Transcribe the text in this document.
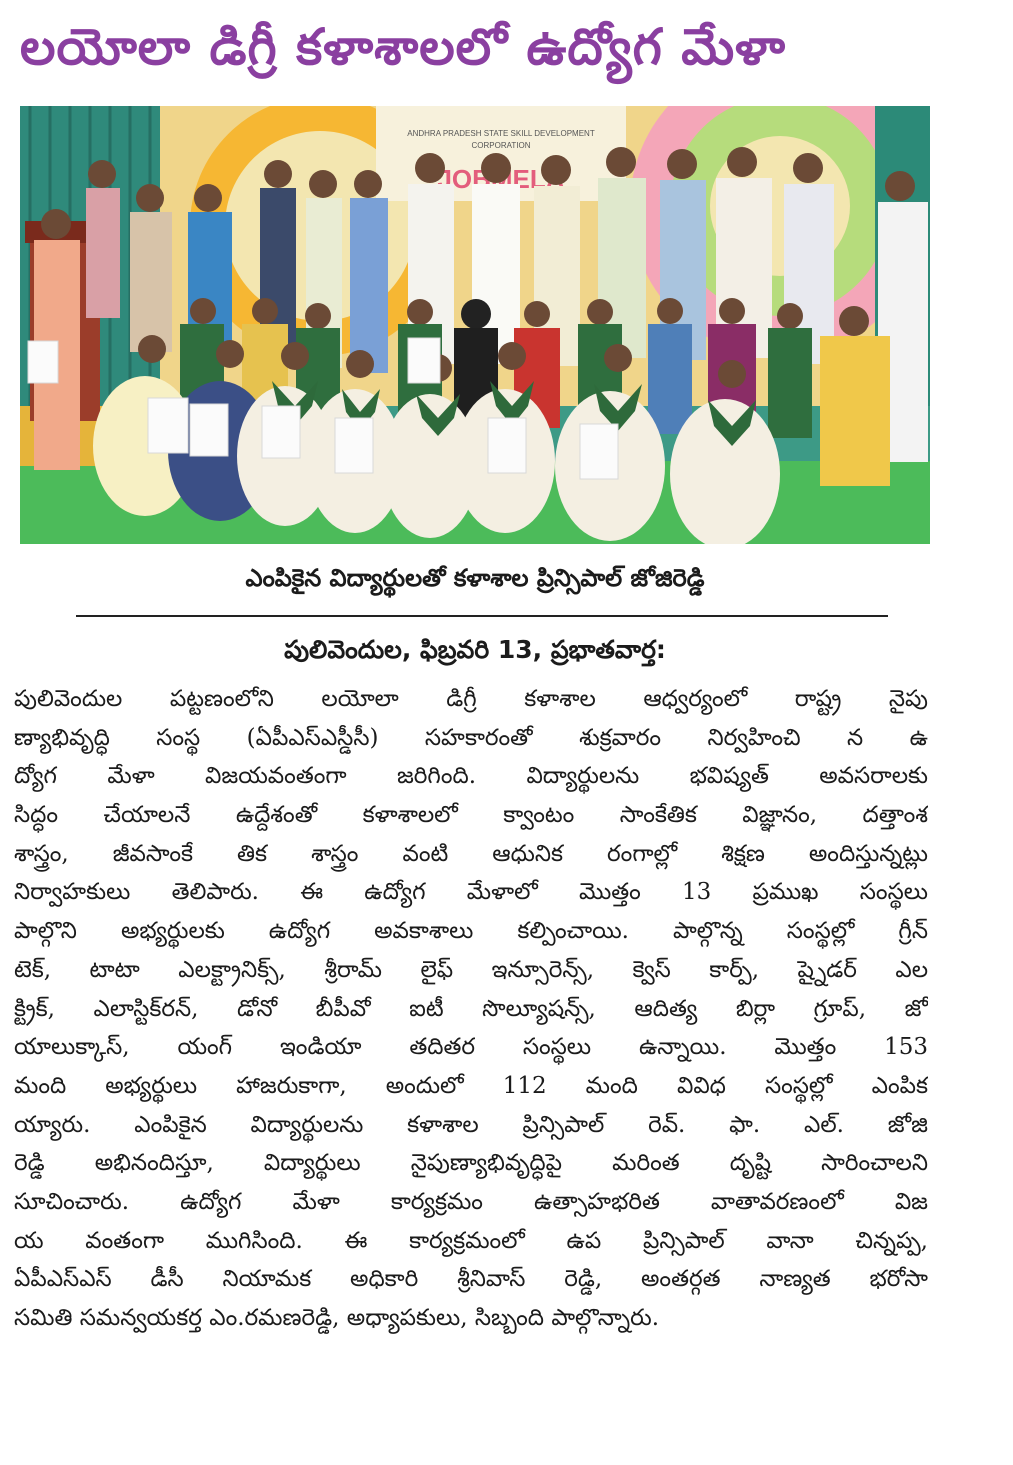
లయోలా డిగ్రీ కళాశాలలో ఉద్యోగ మేళా
ANDHRA PRADESH STATE SKILL DEVELOPMENT
CORPORATION
ఎంపికైన విద్యార్థులతో కళాశాల ప్రిన్సిపాల్ జోజిరెడ్డి
పులివెందుల, ఫిబ్రవరి 13, ప్రభాతవార్త:
పులివెందుల పట్టణంలోని లయోలా డిగ్రీ కళాశాల ఆధ్వర్యంలో రాష్ట్ర నైపు
ణ్యాభివృద్ధి సంస్థ (ఏపీఎస్ఎస్డీసీ) సహకారంతో శుక్రవారం నిర్వహించి న ఉ
ద్యోగ మేళా విజయవంతంగా జరిగింది. విద్యార్థులను భవిష్యత్ అవసరాలకు
సిద్ధం చేయాలనే ఉద్దేశంతో కళాశాలలో క్వాంటం సాంకేతిక విజ్ఞానం, దత్తాంశ
శాస్త్రం, జీవసాంకే తిక శాస్త్రం వంటి ఆధునిక రంగాల్లో శిక్షణ అందిస్తున్నట్లు
నిర్వాహకులు తెలిపారు. ఈ ఉద్యోగ మేళాలో మొత్తం 13 ప్రముఖ సంస్థలు
పాల్గొని అభ్యర్థులకు ఉద్యోగ అవకాశాలు కల్పించాయి. పాల్గొన్న సంస్థల్లో గ్రీన్
టెక్, టాటా ఎలక్ట్రానిక్స్, శ్రీరామ్ లైఫ్ ఇన్సూరెన్స్, క్వెస్ కార్ప్, ష్నైడర్ ఎల
క్ట్రిక్, ఎలాస్టిక్‌రన్, డోనో బీపీవో ఐటీ సొల్యూషన్స్, ఆదిత్య బిర్లా గ్రూప్, జో
యాలుక్కాస్, యంగ్ ఇండియా తదితర సంస్థలు ఉన్నాయి. మొత్తం 153
మంది అభ్యర్థులు హాజరుకాగా, అందులో 112 మంది వివిధ సంస్థల్లో ఎంపిక
య్యారు. ఎంపికైన విద్యార్థులను కళాశాల ప్రిన్సిపాల్ రెవ్. ఫా. ఎల్. జోజి
రెడ్డి అభినందిస్తూ, విద్యార్థులు నైపుణ్యాభివృద్ధిపై మరింత దృష్టి సారించాలని
సూచించారు. ఉద్యోగ మేళా కార్యక్రమం ఉత్సాహభరిత వాతావరణంలో విజ
య వంతంగా ముగిసింది. ఈ కార్యక్రమంలో ఉప ప్రిన్సిపాల్ వానా చిన్నప్ప,
ఏపీఎస్ఎస్ డీసీ నియామక అధికారి శ్రీనివాస్ రెడ్డి, అంతర్గత నాణ్యత భరోసా
సమితి సమన్వయకర్త ఎం.రమణరెడ్డి, అధ్యాపకులు, సిబ్బంది పాల్గొన్నారు.
